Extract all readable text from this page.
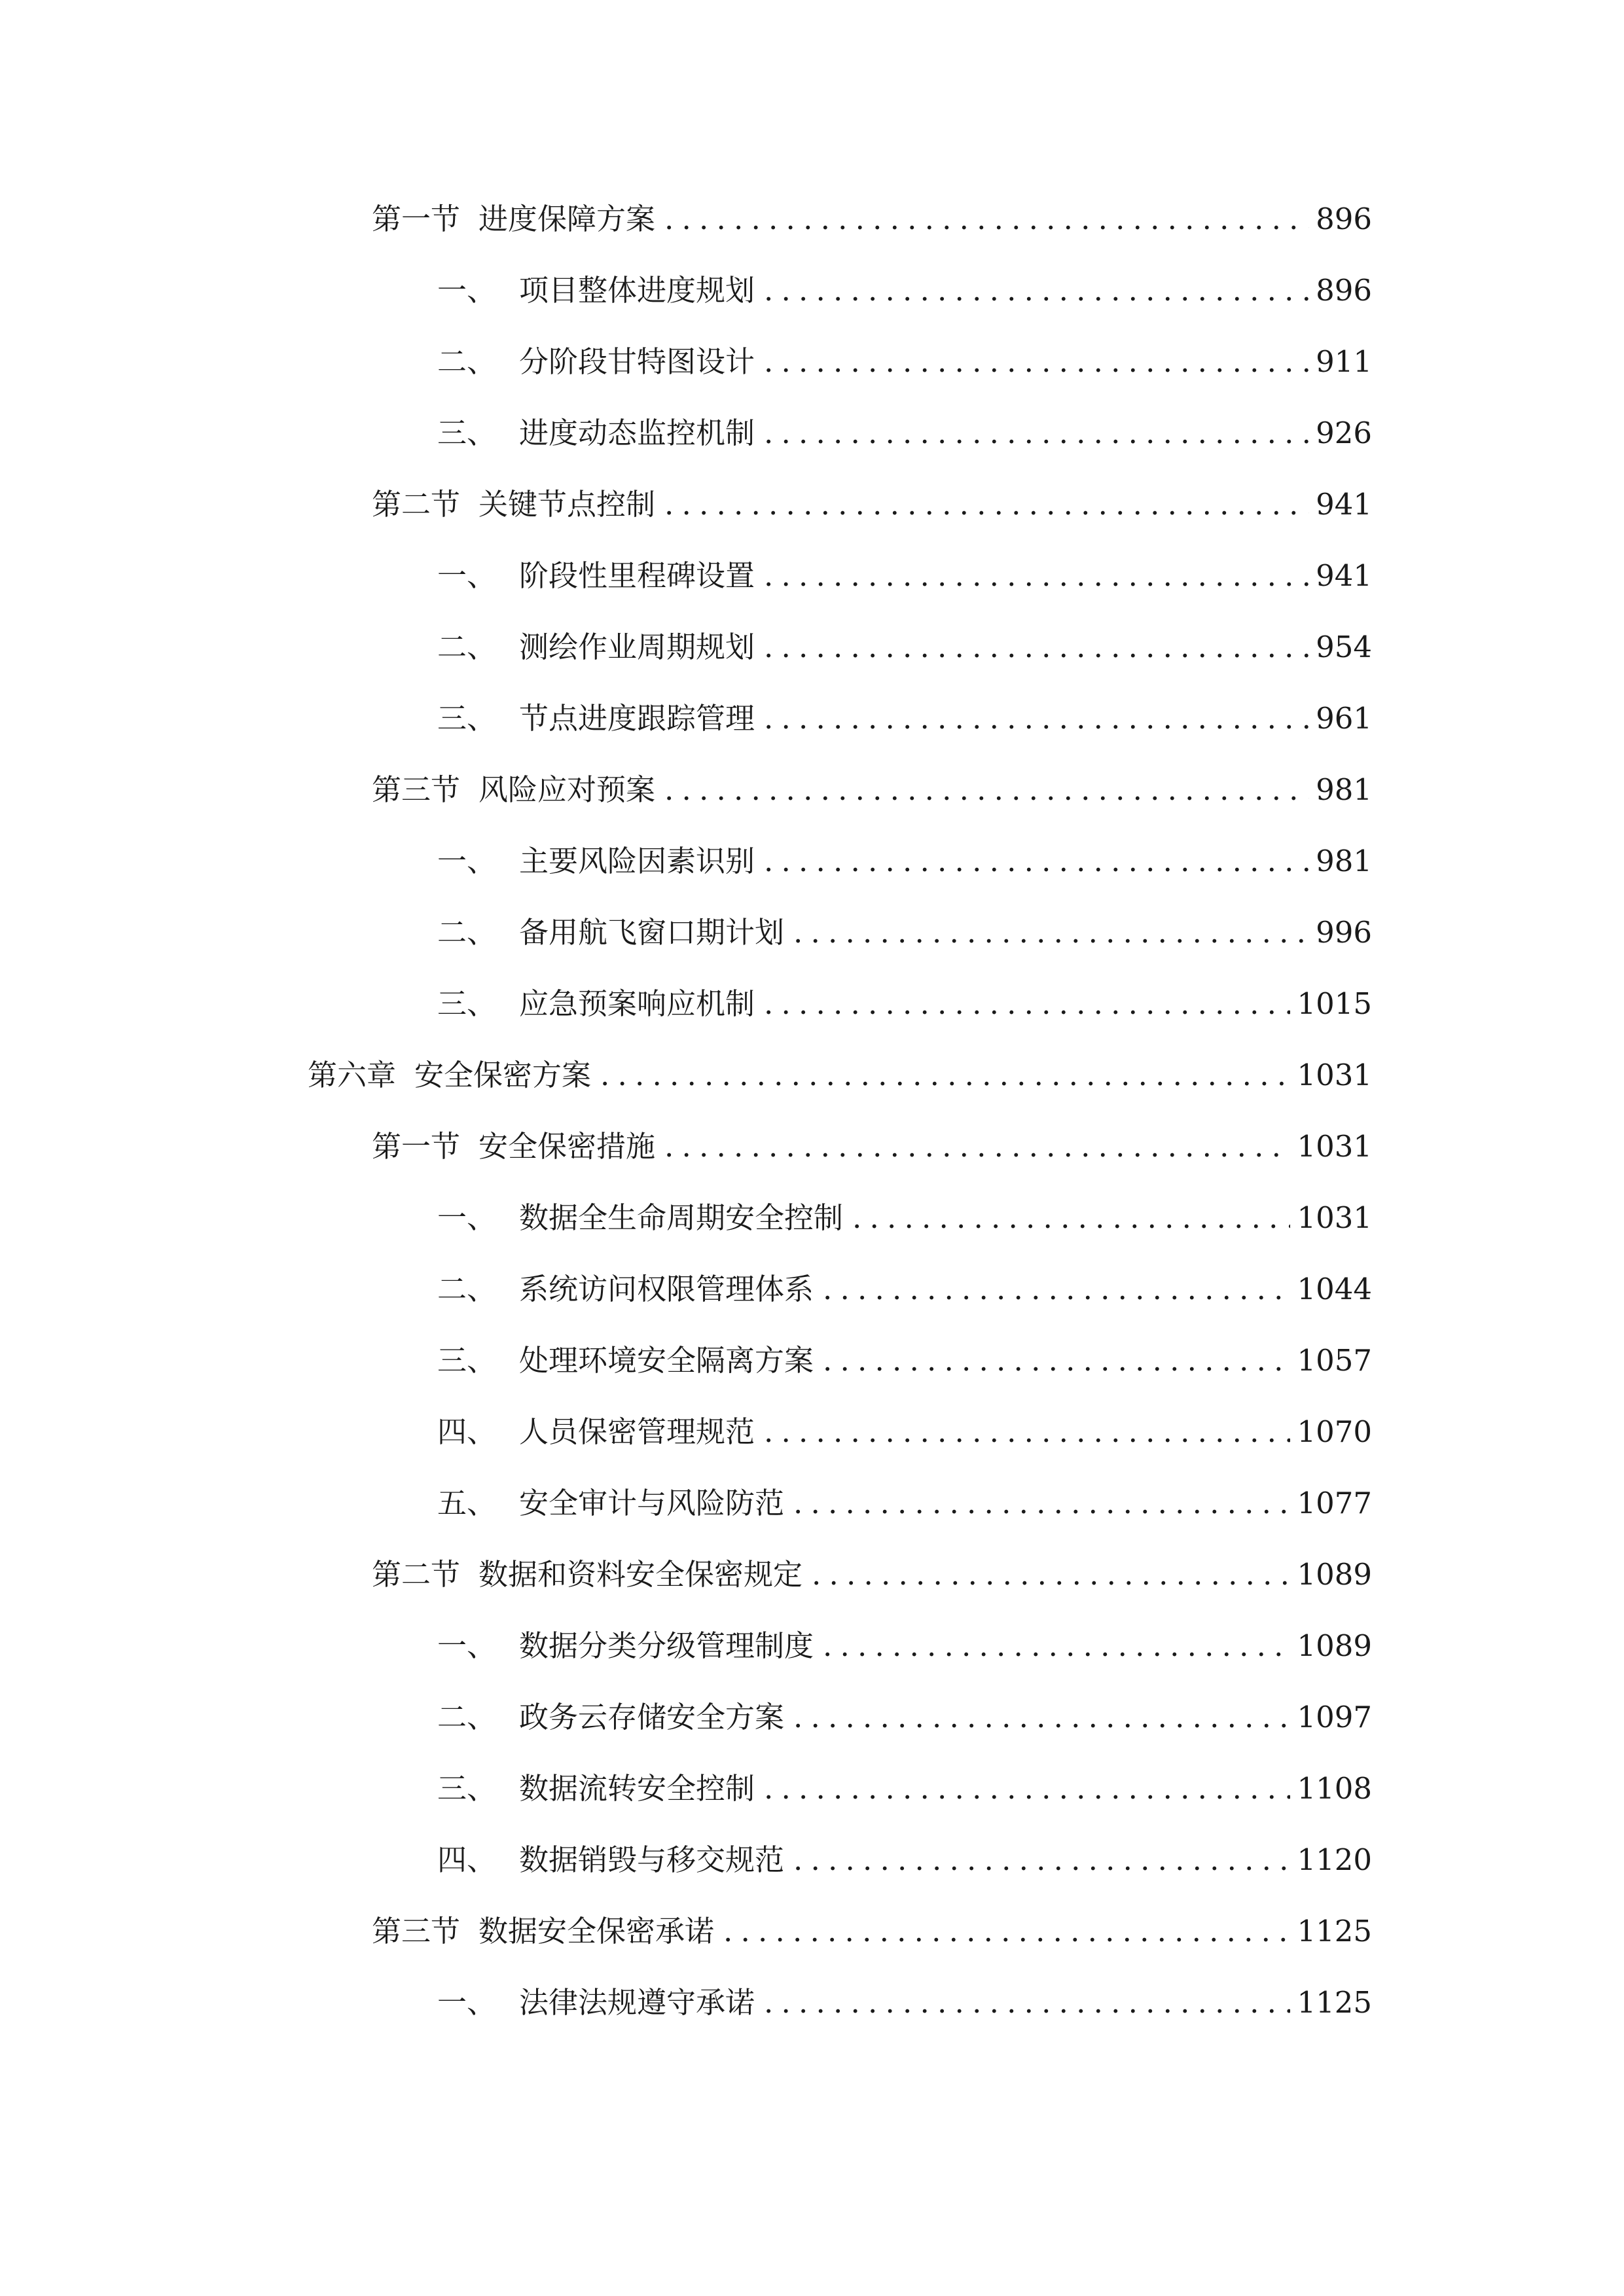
第一节 进度保障方案 .....	896
一、 项目整体进度规划 .....	896
二、 分阶段甘特图设计 .....	911
三、 进度动态监控机制 .....	926
第二节 关键节点控制 .....	941
一、 阶段性里程碑设置 .....	941
二、 测绘作业周期规划 .....	954
三、 节点进度跟踪管理 .....	961
第三节 风险应对预案 .....	981
一、 主要风险因素识别 .....	981
二、 备用航飞窗口期计划 .....	996
三、 应急预案响应机制 .....	1015
第六章 安全保密方案 .....	1031
第一节 安全保密措施 .....	1031
一、 数据全生命周期安全控制 .....	1031
二、 系统访问权限管理体系 .....	1044
三、 处理环境安全隔离方案 .....	1057
四、 人员保密管理规范 .....	1070
五、 安全审计与风险防范 .....	1077
第二节 数据和资料安全保密规定 .....	1089
一、 数据分类分级管理制度 .....	1089
二、 政务云存储安全方案 .....	1097
三、 数据流转安全控制 .....	1108
四、 数据销毁与移交规范 .....	1120
第三节 数据安全保密承诺 .....	1125
一、 法律法规遵守承诺 .....	1125
